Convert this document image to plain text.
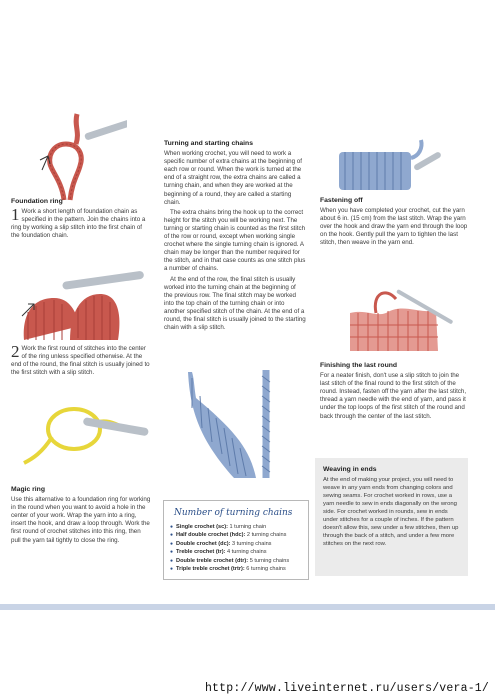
Foundation ring

1 Work a short length of foundation chain as specified in the pattern. Join the chains into a ring by working a slip stitch into the first chain of the foundation chain.

2 Work the first round of stitches into the center of the ring unless specified otherwise. At the end of the round, the final stitch is usually joined to the first stitch with a slip stitch.

Magic ring

Use this alternative to a foundation ring for working in the round when you want to avoid a hole in the center of your work. Wrap the yarn into a ring, insert the hook, and draw a loop through. Work the first round of crochet stitches into this ring, then pull the yarn tail tightly to close the ring.

Turning and starting chains

When working crochet, you will need to work a specific number of extra chains at the beginning of each row or round. When the work is turned at the end of a straight row, the extra chains are called a turning chain, and when they are worked at the beginning of a round, they are called a starting chain.

The extra chains bring the hook up to the correct height for the stitch you will be working next. The turning or starting chain is counted as the first stitch of the row or round, except when working single crochet where the single turning chain is ignored. A chain may be longer than the number required for the stitch, and in that case counts as one stitch plus a number of chains.

At the end of the row, the final stitch is usually worked into the turning chain at the beginning of the previous row. The final stitch may be worked into the top chain of the turning chain or into another specified stitch of the chain. At the end of a round, the final stitch is usually joined to the starting chain with a slip stitch.

Number of turning chains
● Single crochet (sc): 1 turning chain
● Half double crochet (hdc): 2 turning chains
● Double crochet (dc): 3 turning chains
● Treble crochet (tr): 4 turning chains
● Double treble crochet (dtr): 5 turning chains
● Triple treble crochet (trtr): 6 turning chains
Fastening off

When you have completed your crochet, cut the yarn about 6 in. (15 cm) from the last stitch. Wrap the yarn over the hook and draw the yarn end through the loop on the hook. Gently pull the yarn to tighten the last stitch, then weave in the yarn end.

Finishing the last round

For a neater finish, don't use a slip stitch to join the last stitch of the final round to the first stitch of the round. Instead, fasten off the yarn after the last stitch, thread a yarn needle with the end of yarn, and pass it under the top loops of the first stitch of the round and back through the center of the last stitch.

Weaving in ends

At the end of making your project, you will need to weave in any yarn ends from changing colors and sewing seams. For crochet worked in rows, use a yarn needle to sew in ends diagonally on the wrong side. For crochet worked in rounds, sew in ends under stitches for a couple of inches. If the pattern doesn't allow this, sew under a few stitches, then up through the back of a stitch, and under a few more stitches on the next row.

http://www.liveinternet.ru/users/vera-1/
